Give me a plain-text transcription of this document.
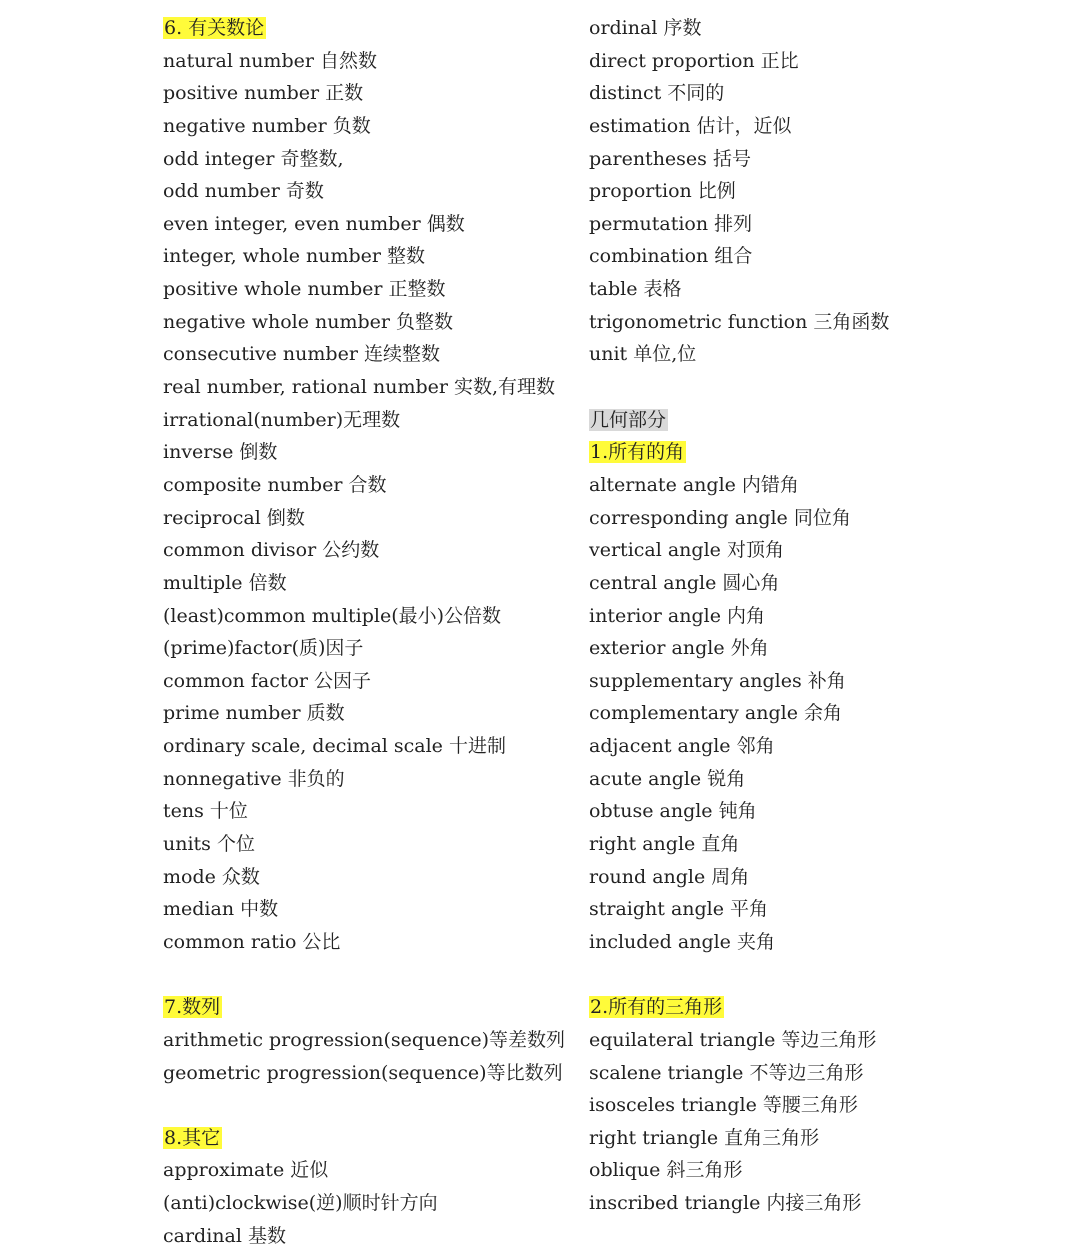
6. 有关数论
natural number 自然数
positive number 正数
negative number 负数
odd integer 奇整数,
odd number 奇数
even integer, even number 偶数
integer, whole number 整数
positive whole number 正整数
negative whole number 负整数
consecutive number 连续整数
real number, rational number 实数,有理数
irrational(number)无理数
inverse 倒数
composite number 合数
reciprocal 倒数
common divisor 公约数
multiple 倍数
(least)common multiple(最小)公倍数
(prime)factor(质)因子
common factor 公因子
prime number 质数
ordinary scale, decimal scale 十进制
nonnegative 非负的
tens 十位
units 个位
mode 众数
median 中数
common ratio 公比
7.数列
arithmetic progression(sequence)等差数列
geometric progression(sequence)等比数列
8.其它
approximate 近似
(anti)clockwise(逆)顺时针方向
cardinal 基数
ordinal 序数
direct proportion 正比
distinct 不同的
estimation 估计，近似
parentheses 括号
proportion 比例
permutation 排列
combination 组合
table 表格
trigonometric function 三角函数
unit 单位,位
几何部分
1.所有的角
alternate angle 内错角
corresponding angle 同位角
vertical angle 对顶角
central angle 圆心角
interior angle 内角
exterior angle 外角
supplementary angles 补角
complementary angle 余角
adjacent angle 邻角
acute angle 锐角
obtuse angle 钝角
right angle 直角
round angle 周角
straight angle 平角
included angle 夹角
2.所有的三角形
equilateral triangle 等边三角形
scalene triangle 不等边三角形
isosceles triangle 等腰三角形
right triangle 直角三角形
oblique 斜三角形
inscribed triangle 内接三角形
